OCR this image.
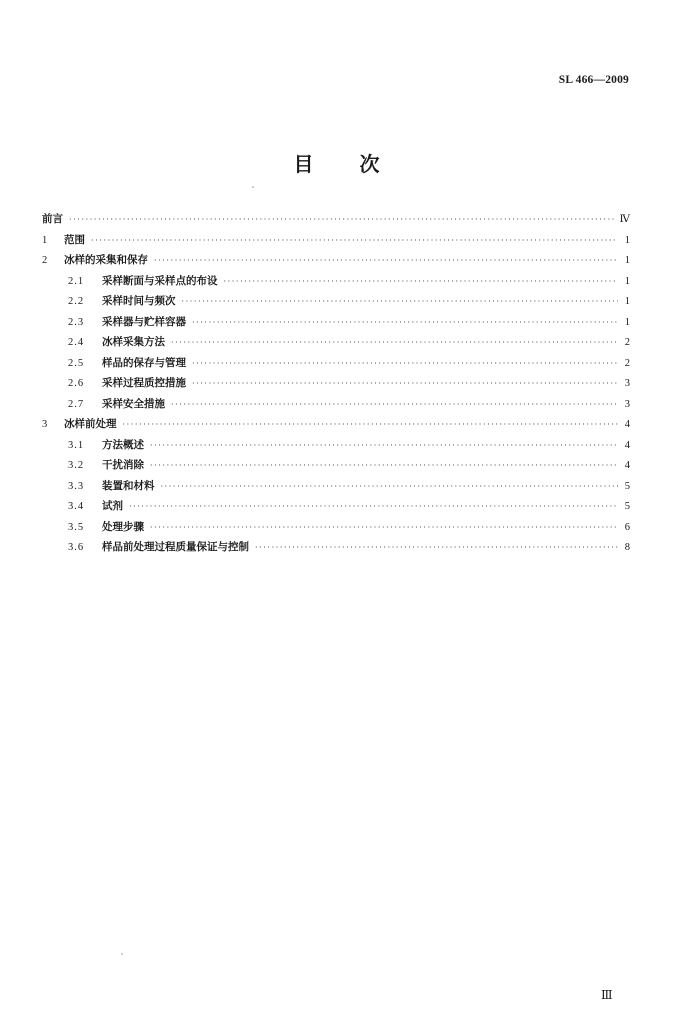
SL 466—2009
目 次
前言 ·····	Ⅳ
1	范围 ·····	1
2	冰样的采集和保存 ·····	1
2.1	采样断面与采样点的布设 ·····	1
2.2	采样时间与频次 ·····	1
2.3	采样器与贮样容器 ·····	1
2.4	冰样采集方法 ·····	2
2.5	样品的保存与管理 ·····	2
2.6	采样过程质控措施 ·····	3
2.7	采样安全措施 ·····	3
3	冰样前处理 ·····	4
3.1	方法概述 ·····	4
3.2	干扰消除 ·····	4
3.3	装置和材料 ·····	5
3.4	试剂 ·····	5
3.5	处理步骤 ·····	6
3.6	样品前处理过程质量保证与控制 ·····	8
Ⅲ
